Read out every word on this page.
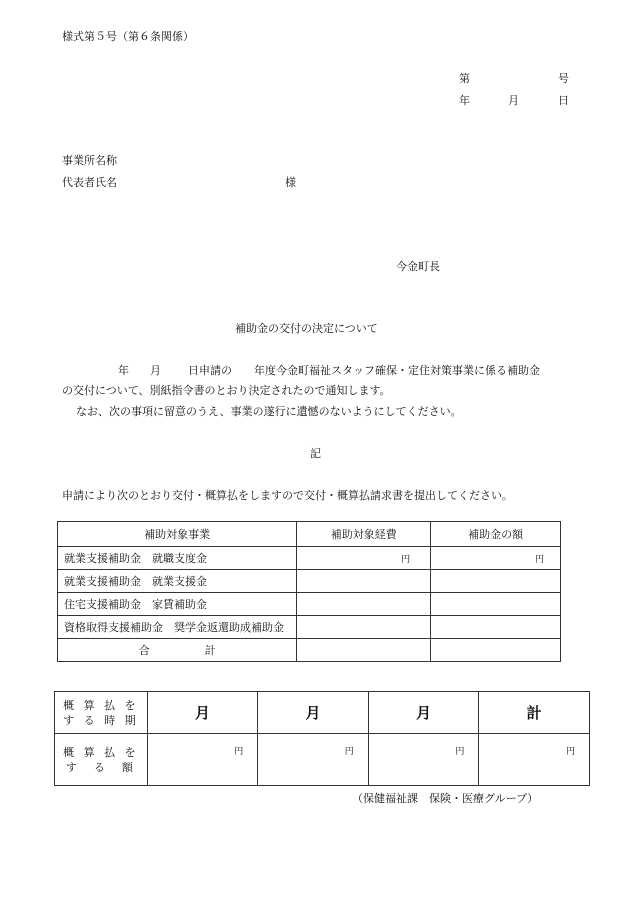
様式第５号（第６条関係）
第	号
年	月	日
事業所名称
代表者氏名	様
今金町長
補助金の交付の決定について
年 月 日申請の　　年度今金町福祉スタッフ確保・定住対策事業に係る補助金
の交付について、別紙指令書のとおり決定されたので通知します。
なお、次の事項に留意のうえ、事業の遂行に遺憾のないようにしてください。
記
申請により次のとおり交付・概算払をしますので交付・概算払請求書を提出してください。
補助対象事業	補助対象経費	補助金の額
就業支援補助金　就職支度金	円	円
就業支援補助金　就業支援金		
住宅支援補助金　家賃補助金		
資格取得支援補助金　奨学金返還助成補助金		
合　　　　　計		
概 算 払 を
す る 時 期	月	月	月	計

概 算 払 を
す　る　額	円	円	円	円
（保健福祉課　保険・医療グループ）
